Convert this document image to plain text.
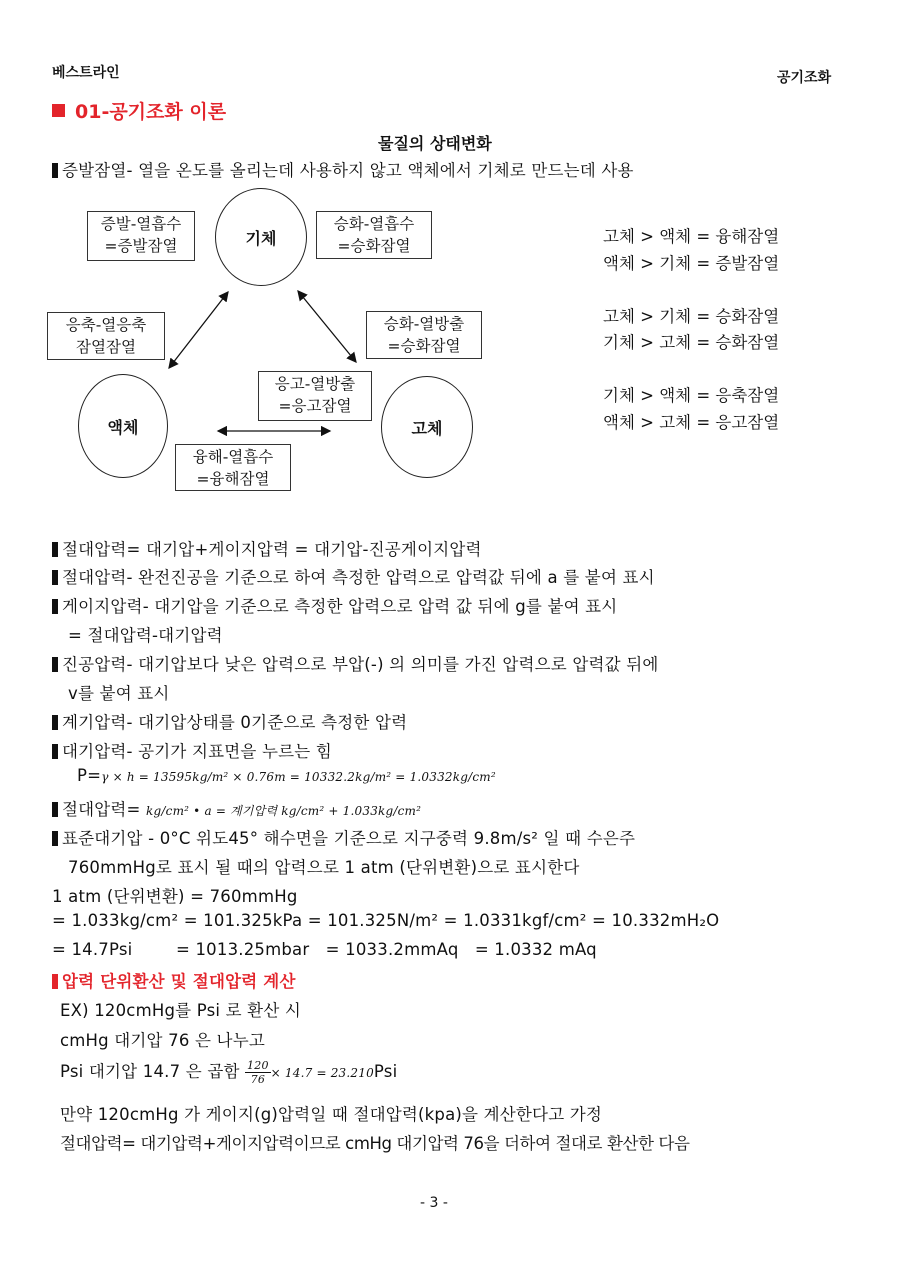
베스트라인	공기조화
01-공기조화 이론
물질의 상태변화
증발잠열- 열을 온도를 올리는데 사용하지 않고 액체에서 기체로 만드는데 사용
기체
액체	고체
증발-열흡수
=증발잠열
승화-열흡수
=승화잠열
응축-열응축
잠열잠열
승화-열방출
=승화잠열
응고-열방출
=응고잠열
융해-열흡수
=융해잠열
고체 > 액체 = 융해잠열
액체 > 기체 = 증발잠열
고체 > 기체 = 승화잠열
기체 > 고체 = 승화잠열
기체 > 액체 = 응축잠열
액체 > 고체 = 응고잠열
절대압력= 대기압+게이지압력 = 대기압-진공게이지압력
절대압력- 완전진공을 기준으로 하여 측정한 압력으로 압력값 뒤에 a 를 붙여 표시
게이지압력- 대기압을 기준으로 측정한 압력으로 압력 값 뒤에 g를 붙여 표시
= 절대압력-대기압력
진공압력- 대기압보다 낮은 압력으로 부압(-) 의 의미를 가진 압력으로 압력값 뒤에
v를 붙여 표시
계기압력- 대기압상태를 0기준으로 측정한 압력
대기압력- 공기가 지표면을 누르는 힘
P=γ × h = 13595kg/m² × 0.76m = 10332.2kg/m² = 1.0332kg/cm²
절대압력= kg/cm² • a = 계기압력 kg/cm² + 1.033kg/cm²
표준대기압 - 0°C 위도45° 해수면을 기준으로 지구중력 9.8m/s² 일 때 수은주
760mmHg로 표시 될 때의 압력으로 1 atm (단위변환)으로 표시한다
1 atm (단위변환) = 760mmHg
= 1.033kg/cm² = 101.325kPa = 101.325N/m² = 1.0331kgf/cm² = 10.332mH₂O
= 14.7Psi        = 1013.25mbar   = 1033.2mmAq   = 1.0332 mAq
압력 단위환산 및 절대압력 계산
EX) 120cmHg를 Psi 로 환산 시
cmHg 대기압 76 은 나누고
Psi 대기압 14.7 은 곱함 $\frac{120}{76} \times 14.7 = 23.210Psi$
만약 120cmHg 가 게이지(g)압력일 때 절대압력(kpa)을 계산한다고 가정
절대압력= 대기압력+게이지압력이므로 cmHg 대기압력 76을 더하여 절대로 환산한 다음
- 3 -
